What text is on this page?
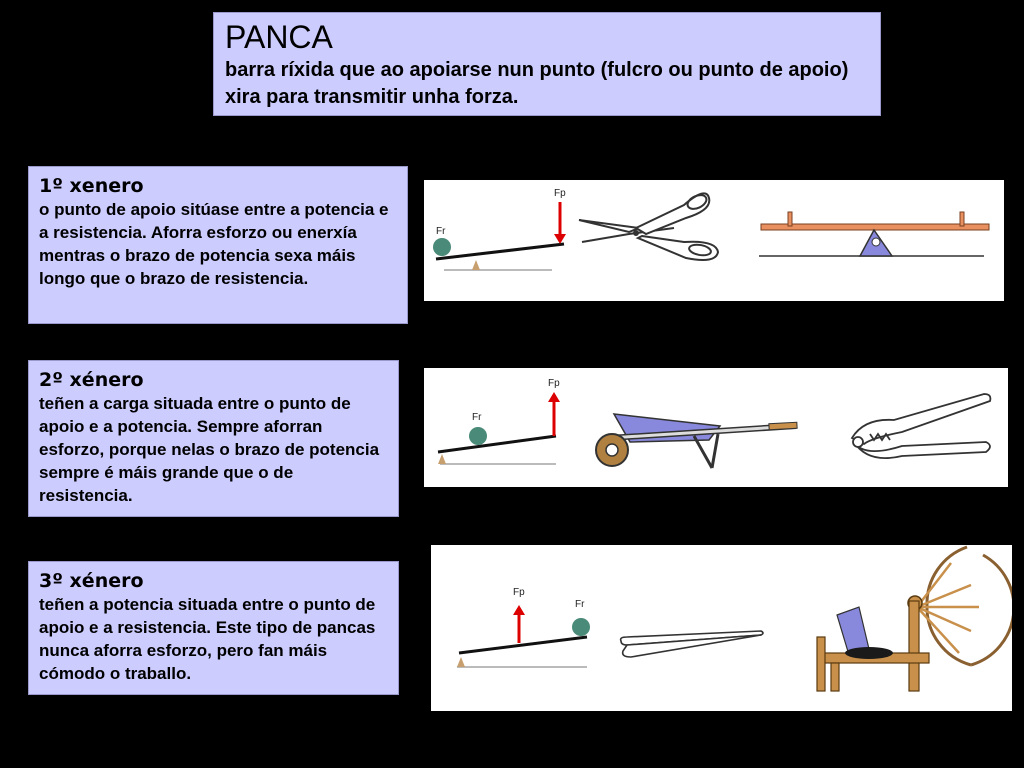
PANCA

barra ríxida que ao apoiarse nun punto (fulcro ou punto de apoio) xira para transmitir unha forza.

1º xenero

o punto de apoio sitúase entre a potencia e a resistencia. Aforra esforzo ou enerxía mentras o brazo de potencia sexa máis longo que o brazo de resistencia.

Fr
Fp

2º xénero

teñen a carga situada entre o punto de apoio e a potencia. Sempre aforran esforzo, porque nelas o brazo de potencia sempre é máis grande que o de resistencia.

Fr
Fp

3º xénero

teñen a potencia situada entre o punto de apoio e a resistencia. Este tipo de pancas nunca aforra esforzo, pero fan máis cómodo o traballo.

Fr
Fp
